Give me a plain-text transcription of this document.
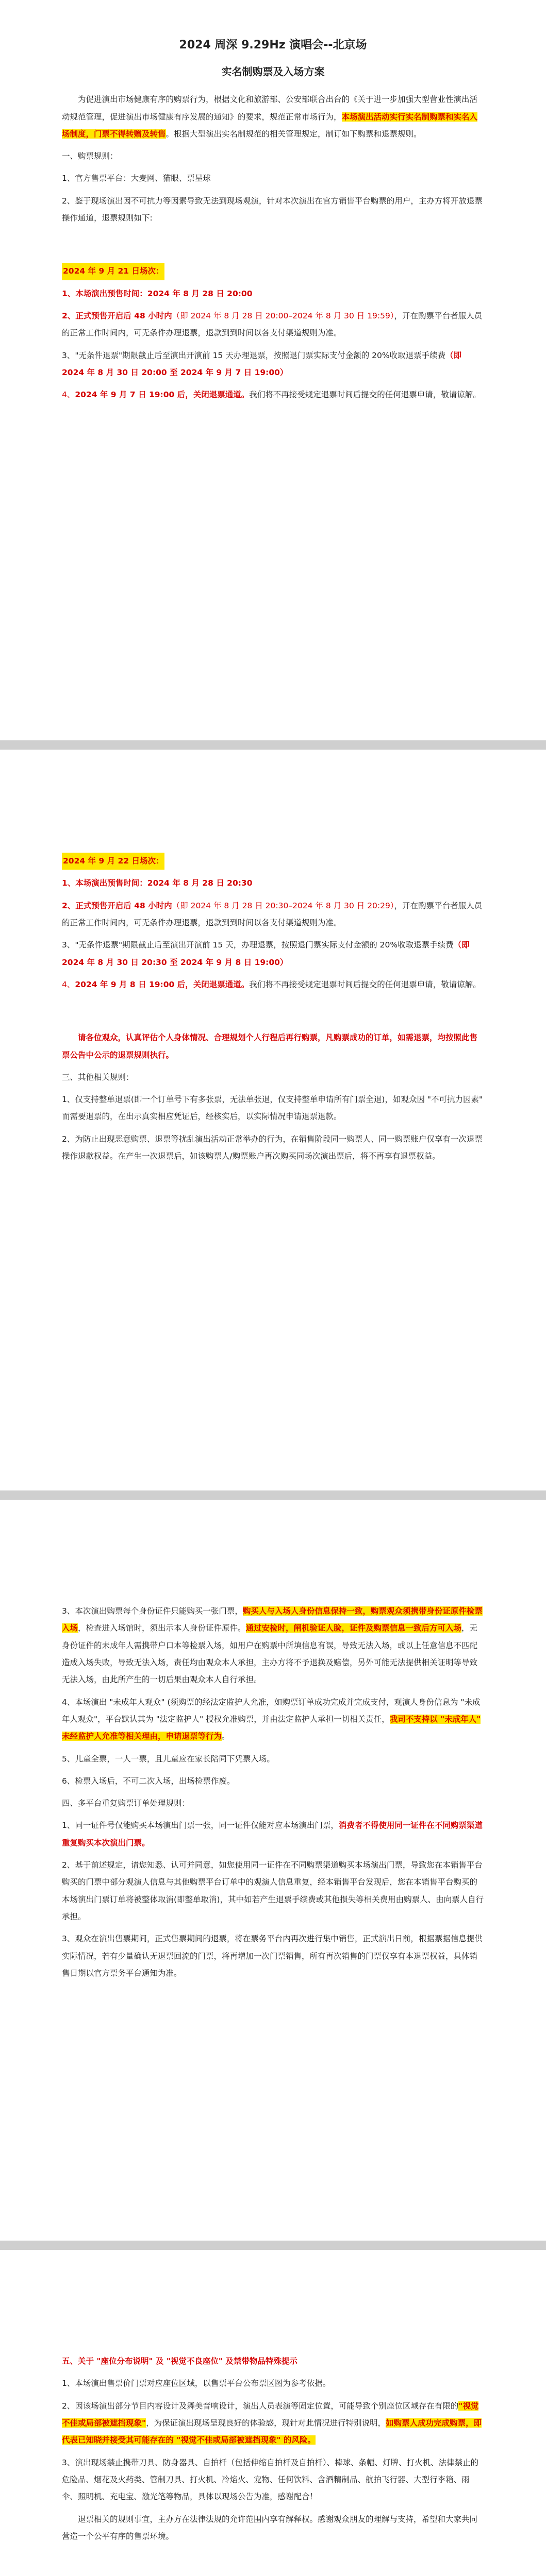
2024 周深 9.29Hz 演唱会--北京场
实名制购票及入场方案

为促进演出市场健康有序的购票行为，根据文化和旅游部、公安部联合出台的《关于进一步加强大型营业性演出活动规范管理，促进演出市场健康有序发展的通知》的要求，规范正常市场行为，本场演出活动实行实名制购票和实名入场制度，门票不得转赠及转售。根据大型演出实名制规范的相关管理规定，制订如下购票和退票规则。

一、购票规则：

1、官方售票平台：大麦网、猫眼、票星球

2、鉴于现场演出因不可抗力等因素导致无法到现场观演，针对本次演出在官方销售平台购票的用户，主办方将开放退票操作通道，退票规则如下:

2024 年 9 月 21 日场次：

1、本场演出预售时间：2024 年 8 月 28 日 20:00

2、正式预售开启后 48 小时内（即 2024 年 8 月 28 日 20:00–2024 年 8 月 30 日 19:59），开在购票平台者服人员的正常工作时间内，可无条件办理退票，退款到到时间以各支付渠道规则为准。

3、"无条件退票"期限截止后至演出开演前 15 天办理退票，按照退门票实际支付金额的 20%收取退票手续费（即 2024 年 8 月 30 日 20:00 至 2024 年 9 月 7 日 19:00）

4、2024 年 9 月 7 日 19:00 后，关闭退票通道。我们将不再接受规定退票时间后提交的任何退票申请，敬请谅解。

2024 年 9 月 22 日场次：

1、本场演出预售时间：2024 年 8 月 28 日 20:30

2、正式预售开启后 48 小时内（即 2024 年 8 月 28 日 20:30–2024 年 8 月 30 日 20:29），开在购票平台者服人员的正常工作时间内，可无条件办理退票，退款到到时间以各支付渠道规则为准。

3、"无条件退票"期限截止后至演出开演前 15 天，办理退票，按照退门票实际支付金额的 20%收取退票手续费（即 2024 年 8 月 30 日 20:30 至 2024 年 9 月 8 日 19:00）

4、2024 年 9 月 8 日 19:00 后，关闭退票通道。我们将不再接受规定退票时间后提交的任何退票申请，敬请谅解。

请各位观众，认真评估个人身体情况、合理规划个人行程后再行购票，凡购票成功的订单，如需退票，均按照此售票公告中公示的退票规则执行。

三、其他相关规则：

1、仅支持整单退票(即一个订单号下有多张票，无法单张退，仅支持整单申请所有门票全退)，如观众因 "不可抗力因素" 而需要退票的，在出示真实相应凭证后，经核实后，以实际情况申请退票退款。

2、为防止出现恶意购票、退票等扰乱演出活动正常举办的行为，在销售阶段同一购票人、同一购票账户仅享有一次退票操作退款权益。在产生一次退票后，如该购票人/购票账户再次购买同场次演出票后，将不再享有退票权益。

3、本次演出购票每个身份证件只能购买一张门票，购买人与入场人身份信息保持一致，购票观众须携带身份证原件检票入场，检查进入场馆时，须出示本人身份证件原件。通过安检时，闸机验证人脸，证件及购票信息一致后方可入场，无身份证件的未成年人需携带户口本等检票入场，如用户在购票中所填信息有误，导致无法入场，或以上任意信息不匹配造成入场失败，导致无法入场，责任均由观众本人承担，主办方将不予退换及赔偿，另外可能无法提供相关证明等导致无法入场，由此所产生的一切后果由观众本人自行承担。

4、本场演出 "未成年人观众" (须购票的经法定监护人允准，如购票订单成功完成并完成支付，观演人身份信息为 "未成年人观众"，平台默认其为 "法定监护人" 授权允准购票，并由法定监护人承担一切相关责任，我司不支持以 "未成年人" 未经监护人允准等相关理由，申请退票等行为。

5、儿童全票，一人一票，且儿童应在家长陪同下凭票入场。

6、检票入场后，不可二次入场，出场检票作废。

四、多平台重复购票订单处理规则：

1、同一证件号仅能购买本场演出门票一张，同一证件仅能对应本场演出门票，消费者不得使用同一证件在不同购票渠道重复购买本次演出门票。

2、基于前述规定，请您知悉、认可并同意，如您使用同一证件在不同购票渠道购买本场演出门票，导致您在本销售平台购买的门票中部分观演人信息与其他购票平台订单中的观演人信息重复，经本销售平台发现后，您在本销售平台购买的本场演出门票订单将被整体取消(即整单取消)，其中如若产生退票手续费或其他损失等相关费用由购票人、由向票人自行承担。

3、观众在演出售票期间，正式售票期间的退票，将在票务平台内再次进行集中销售，正式演出日前，根据票据信息提供实际情况，若有少量确认无退票回流的门票，将再增加一次门票销售，所有再次销售的门票仅享有本退票权益，具体销售日期以官方票务平台通知为准。

五、关于 "座位分布说明" 及 "视觉不良座位" 及禁带物品特殊提示

1、本场演出售票价门票对应座位区域，以售票平台公布票区图为参考依据。

2、因该场演出部分节目内容设计及舞美音响设计，演出人员表演等固定位置，可能导致个别座位区域存在有限的"视觉不佳或局部被遮挡现象"，为保证演出现场呈现良好的体验感，现针对此情况进行特别说明，如购票人成功完成购票，即代表已知晓并接受其可能存在的 "视觉不佳或局部被遮挡现象" 的风险。

3、演出现场禁止携带刀具、防身器具、自拍杆（包括伸缩自拍杆及自拍杆）、棒球、条幅、灯牌、打火机、法律禁止的危险品、烟花及火药类、管制刀具、打火机、冷焰火、宠物、任何饮料、含酒精制品、航拍飞行器、大型行李箱、雨伞、照明机、充电宝、激光笔等物品，具体以现场公告为准，感谢配合！

退票相关的规则事宜，主办方在法律法规的允许范围内享有解释权。感谢观众朋友的理解与支持，希望和大家共同营造一个公平有序的售票环境。
